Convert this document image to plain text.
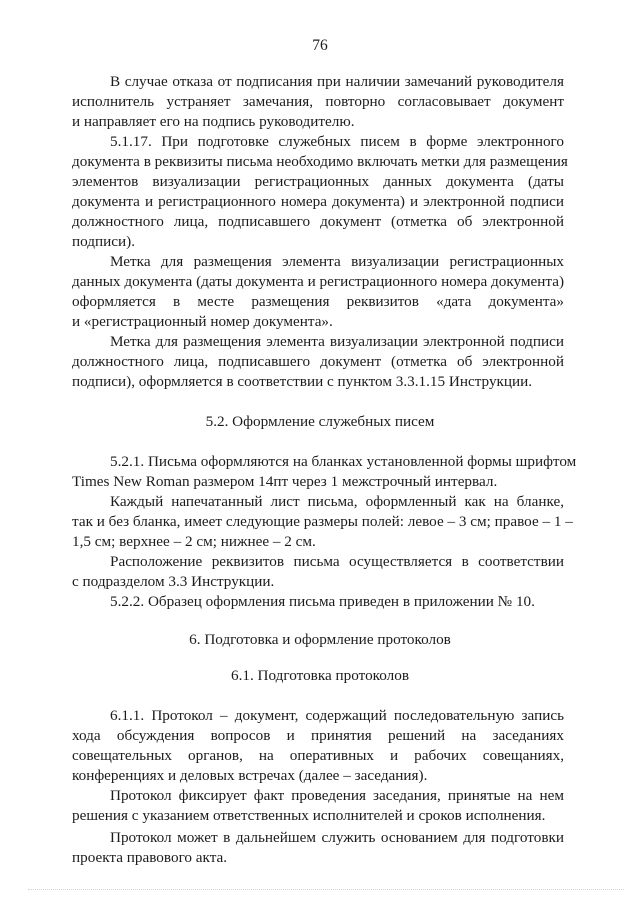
76
В случае отказа от подписания при наличии замечаний руководителя
исполнитель устраняет замечания, повторно согласовывает документ
и направляет его на подпись руководителю.
5.1.17. При подготовке служебных писем в форме электронного
документа в реквизиты письма необходимо включать метки для размещения
элементов визуализации регистрационных данных документа (даты
документа и регистрационного номера документа) и электронной подписи
должностного лица, подписавшего документ (отметка об электронной
подписи).
Метка для размещения элемента визуализации регистрационных
данных документа (даты документа и регистрационного номера документа)
оформляется в месте размещения реквизитов «дата документа»
и «регистрационный номер документа».
Метка для размещения элемента визуализации электронной подписи
должностного лица, подписавшего документ (отметка об электронной
подписи), оформляется в соответствии с пунктом 3.3.1.15 Инструкции.
5.2. Оформление служебных писем
5.2.1. Письма оформляются на бланках установленной формы шрифтом
Times New Roman размером 14пт через 1 межстрочный интервал.
Каждый напечатанный лист письма, оформленный как на бланке,
так и без бланка, имеет следующие размеры полей: левое – 3 см; правое – 1 –
1,5 см; верхнее – 2 см; нижнее – 2 см.
Расположение реквизитов письма осуществляется в соответствии
с подразделом 3.3 Инструкции.
5.2.2. Образец оформления письма приведен в приложении № 10.
6. Подготовка и оформление протоколов
6.1. Подготовка протоколов
6.1.1. Протокол – документ, содержащий последовательную запись
хода обсуждения вопросов и принятия решений на заседаниях
совещательных органов, на оперативных и рабочих совещаниях,
конференциях и деловых встречах (далее – заседания).
Протокол фиксирует факт проведения заседания, принятые на нем
решения с указанием ответственных исполнителей и сроков исполнения.
Протокол может в дальнейшем служить основанием для подготовки
проекта правового акта.
